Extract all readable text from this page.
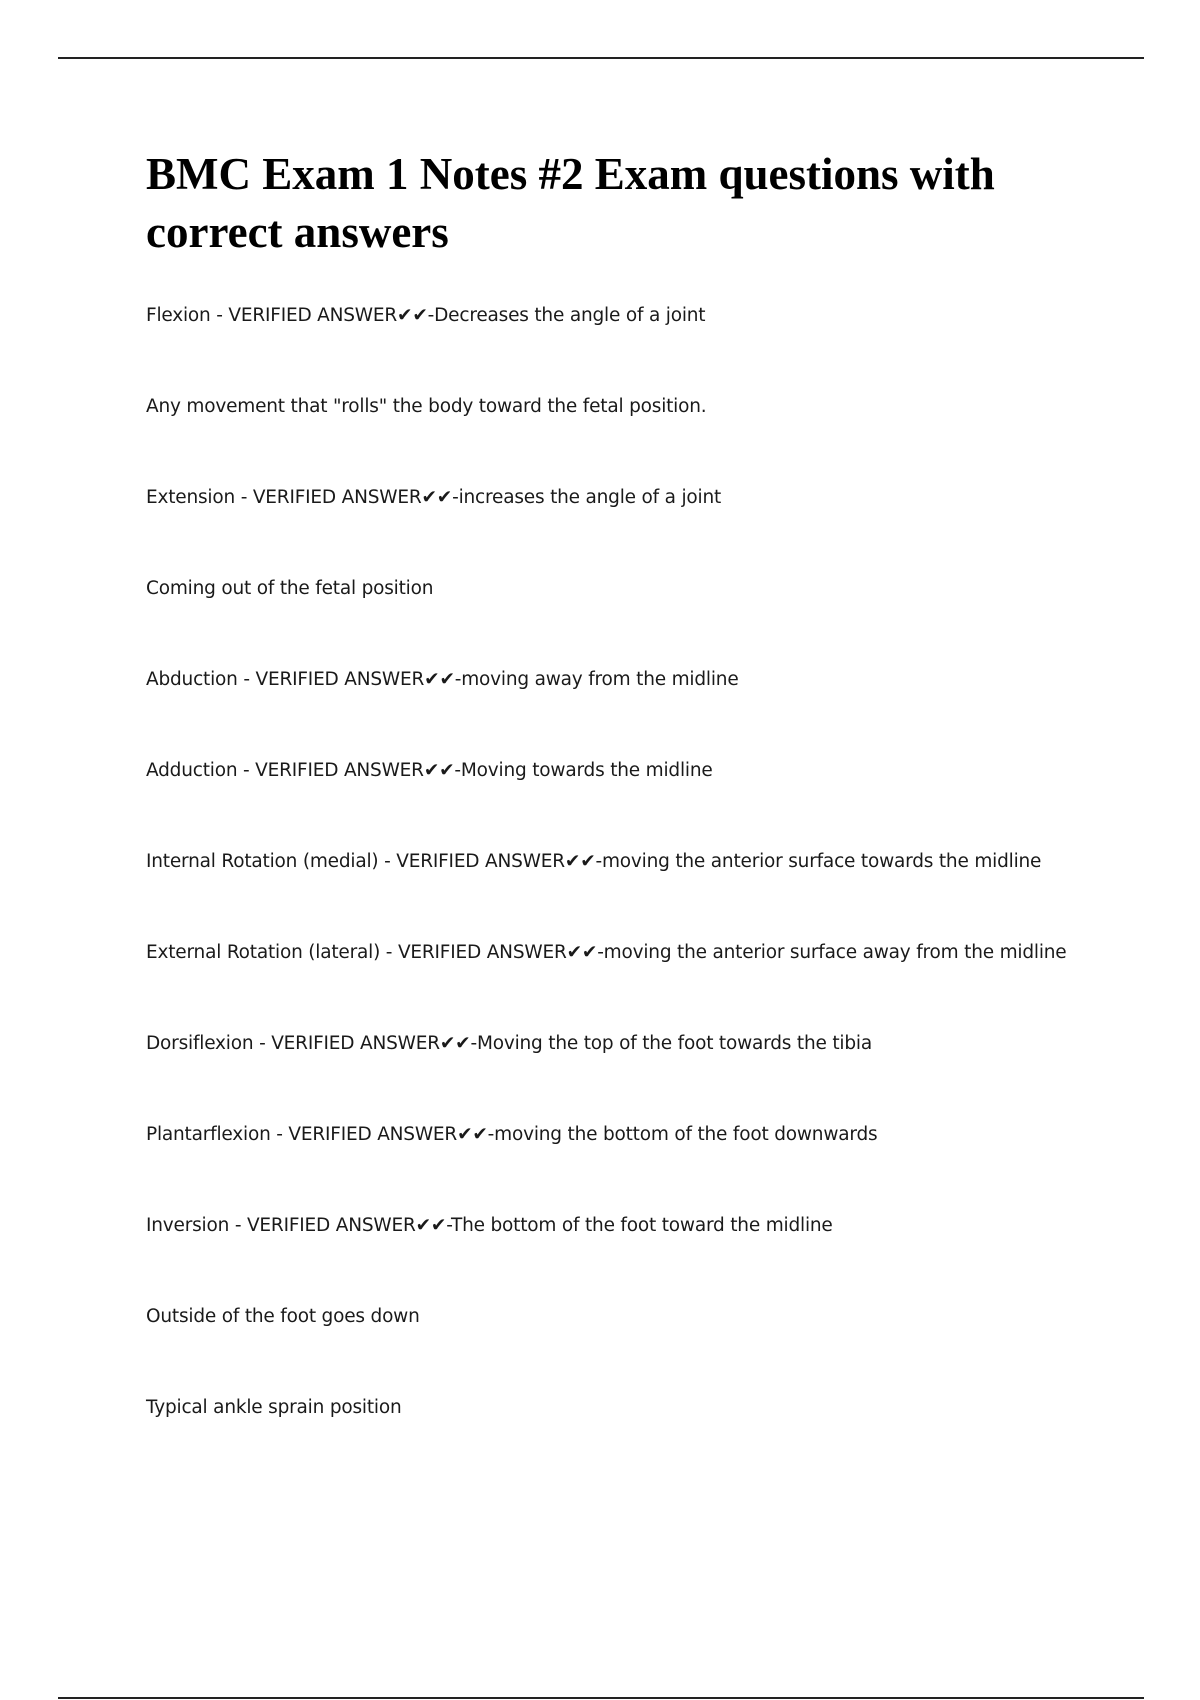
BMC Exam 1 Notes #2 Exam questions with correct answers
Flexion - VERIFIED ANSWER✔✔-Decreases the angle of a joint
Any movement that "rolls" the body toward the fetal position.
Extension - VERIFIED ANSWER✔✔-increases the angle of a joint
Coming out of the fetal position
Abduction - VERIFIED ANSWER✔✔-moving away from the midline
Adduction - VERIFIED ANSWER✔✔-Moving towards the midline
Internal Rotation (medial) - VERIFIED ANSWER✔✔-moving the anterior surface towards the midline
External Rotation (lateral) - VERIFIED ANSWER✔✔-moving the anterior surface away from the midline
Dorsiflexion - VERIFIED ANSWER✔✔-Moving the top of the foot towards the tibia
Plantarflexion - VERIFIED ANSWER✔✔-moving the bottom of the foot downwards
Inversion - VERIFIED ANSWER✔✔-The bottom of the foot toward the midline
Outside of the foot goes down
Typical ankle sprain position
